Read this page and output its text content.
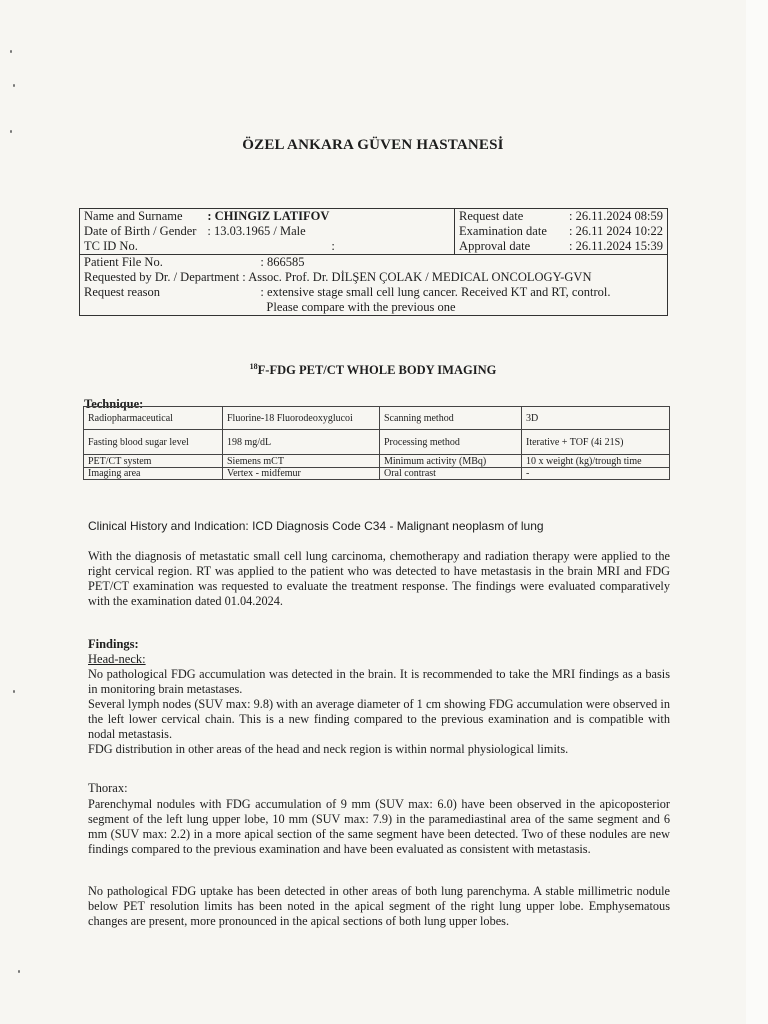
ÖZEL ANKARA GÜVEN HASTANESİ
Name and Surname	: CHINGIZ LATIFOV	Request date	: 26.11.2024 08:59
Date of Birth / Gender	: 13.03.1965 / Male	Examination date	: 26.11 2024 10:22
TC ID No.	:	Approval date	: 26.11.2024 15:39
Patient File No.	: 866585		
Requested by Dr. / Department : Assoc. Prof. Dr. DİLŞEN ÇOLAK / MEDICAL ONCOLOGY-GVN			
Request reason	: extensive stage small cell lung cancer. Received KT and RT, control.		
	Please compare with the previous one		
$^{18}$F-FDG PET/CT WHOLE BODY IMAGING
Technique:
Radiopharmaceutical	Fluorine-18 Fluorodeoxyglucoi	Scanning method	3D
Fasting blood sugar level	198 mg/dL	Processing method	Iterative + TOF (4i 21S)
PET/CT system	Siemens mCT	Minimum activity (MBq)	10 x weight (kg)/trough time
Imaging area	Vertex - midfemur	Oral contrast	-
Clinical History and Indication: ICD Diagnosis Code C34 - Malignant neoplasm of lung
With the diagnosis of metastatic small cell lung carcinoma, chemotherapy and radiation therapy were applied to the right cervical region. RT was applied to the patient who was detected to have metastasis in the brain MRI and FDG PET/CT examination was requested to evaluate the treatment response. The findings were evaluated comparatively with the examination dated 01.04.2024.
Findings:
Head-neck:

No pathological FDG accumulation was detected in the brain. It is recommended to take the MRI findings as a basis in monitoring brain metastases.

Several lymph nodes (SUV max: 9.8) with an average diameter of 1 cm showing FDG accumulation were observed in the left lower cervical chain. This is a new finding compared to the previous examination and is compatible with nodal metastasis.

FDG distribution in other areas of the head and neck region is within normal physiological limits.

Thorax:
Parenchymal nodules with FDG accumulation of 9 mm (SUV max: 6.0) have been observed in the apicoposterior segment of the left lung upper lobe, 10 mm (SUV max: 7.9) in the paramediastinal area of the same segment and 6 mm (SUV max: 2.2) in a more apical section of the same segment have been detected. Two of these nodules are new findings compared to the previous examination and have been evaluated as consistent with metastasis.
No pathological FDG uptake has been detected in other areas of both lung parenchyma. A stable millimetric nodule below PET resolution limits has been noted in the apical segment of the right lung upper lobe. Emphysematous changes are present, more pronounced in the apical sections of both lung upper lobes.
